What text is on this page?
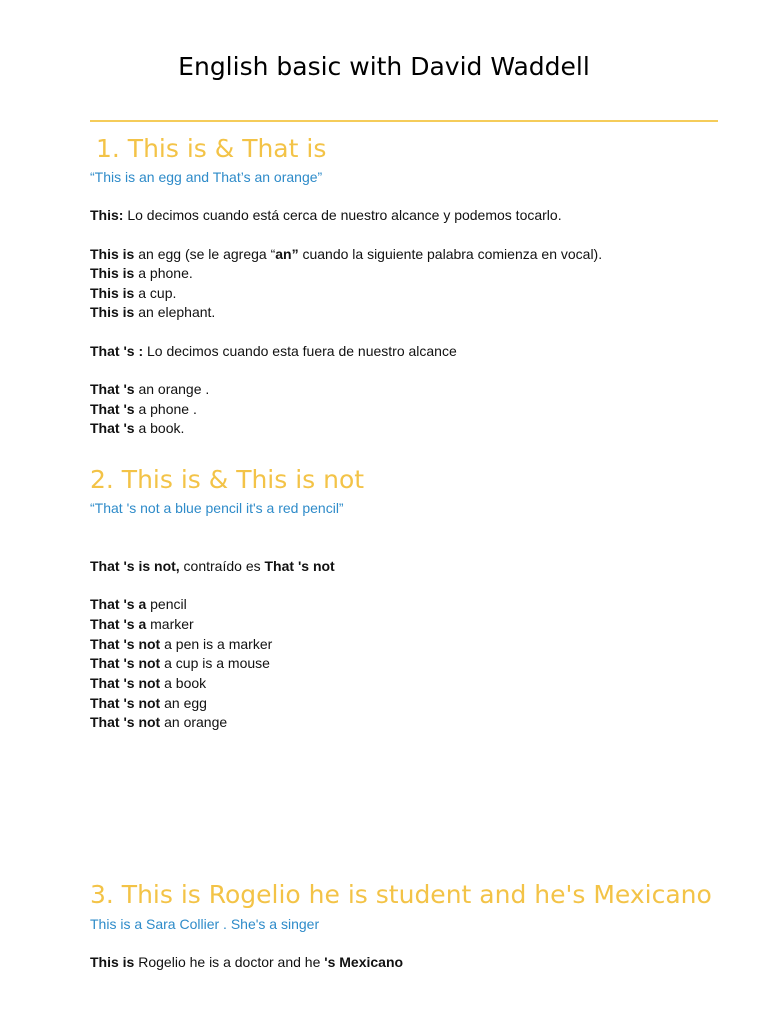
English basic with David Waddell
1. This is & That is

“This is an egg and That’s an orange”

This: Lo decimos cuando está cerca de nuestro alcance y podemos tocarlo.

This is an egg (se le agrega “an” cuando la siguiente palabra comienza en vocal).

This is a phone.

This is a cup.

This is an elephant.

That 's : Lo decimos cuando esta fuera de nuestro alcance

That 's an orange .

That 's a phone .

That 's a book.

2. This is & This is not

“That 's not a blue pencil it's a red pencil”

That 's is not, contraído es That 's not

That 's a pencil

That 's a marker

That 's not a pen is a marker

That 's not a cup is a mouse

That 's not a book

That 's not an egg

That 's not an orange

3. This is Rogelio he is student and he's Mexicano

This is a Sara Collier . She's a singer

This is Rogelio he is a doctor and he 's Mexicano
